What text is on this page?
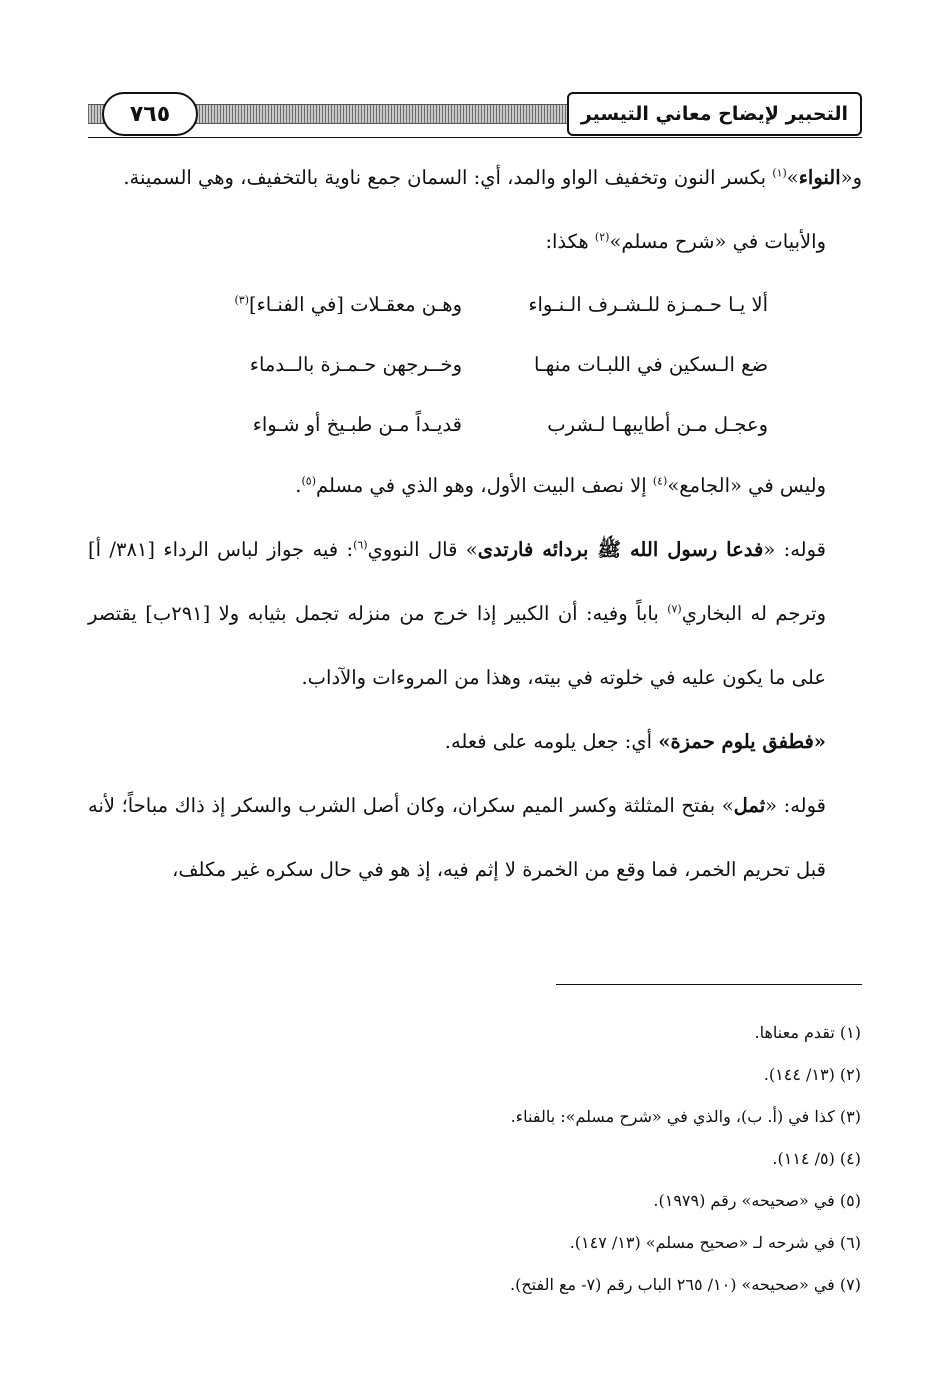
٧٦٥	التحبير لإيضاح معاني التيسير

و«النواء»$^{(١)}$ بكسر النون وتخفيف الواو والمد، أي: السمان جمع ناوية بالتخفيف، وهي السمينة.

والأبيات في «شرح مسلم»$^{(٢)}$ هكذا:

ألا يـا حـمـزة للـشـرف الـنـواء
وهـن معقـلات [في الفنـاء]$^{(٣)}$
ضع الـسكين في اللبـات منهـا
وخــرجهن حـمـزة بالــدماء
وعجـل مـن أطايبهـا لـشرب
قديـداً مـن طبـيخ أو شـواء

وليس في «الجامع»$^{(٤)}$ إلا نصف البيت الأول، وهو الذي في مسلم$^{(٥)}$.

قوله: «فدعا رسول الله ﷺ بردائه فارتدى» قال النووي$^{(٦)}$: فيه جواز لباس الرداء [٣٨١/ أ] وترجم له البخاري$^{(٧)}$ باباً وفيه: أن الكبير إذا خرج من منزله تجمل بثيابه ولا [٢٩١ب] يقتصر على ما يكون عليه في خلوته في بيته، وهذا من المروءات والآداب.

«فطفق يلوم حمزة» أي: جعل يلومه على فعله.

قوله: «ثمل» بفتح المثلثة وكسر الميم سكران، وكان أصل الشرب والسكر إذ ذاك مباحاً؛ لأنه قبل تحريم الخمر، فما وقع من الخمرة لا إثم فيه، إذ هو في حال سكره غير مكلف،

(١) تقدم معناها.

(٢) (١٣/ ١٤٤).

(٣) كذا في (أ. ب)، والذي في «شرح مسلم»: بالفناء.

(٤) (٥/ ١١٤).

(٥) في «صحيحه» رقم (١٩٧٩).

(٦) في شرحه لـ «صحيح مسلم» (١٣/ ١٤٧).

(٧) في «صحيحه» (١٠/ ٢٦٥ الباب رقم (٧- مع الفتح).
